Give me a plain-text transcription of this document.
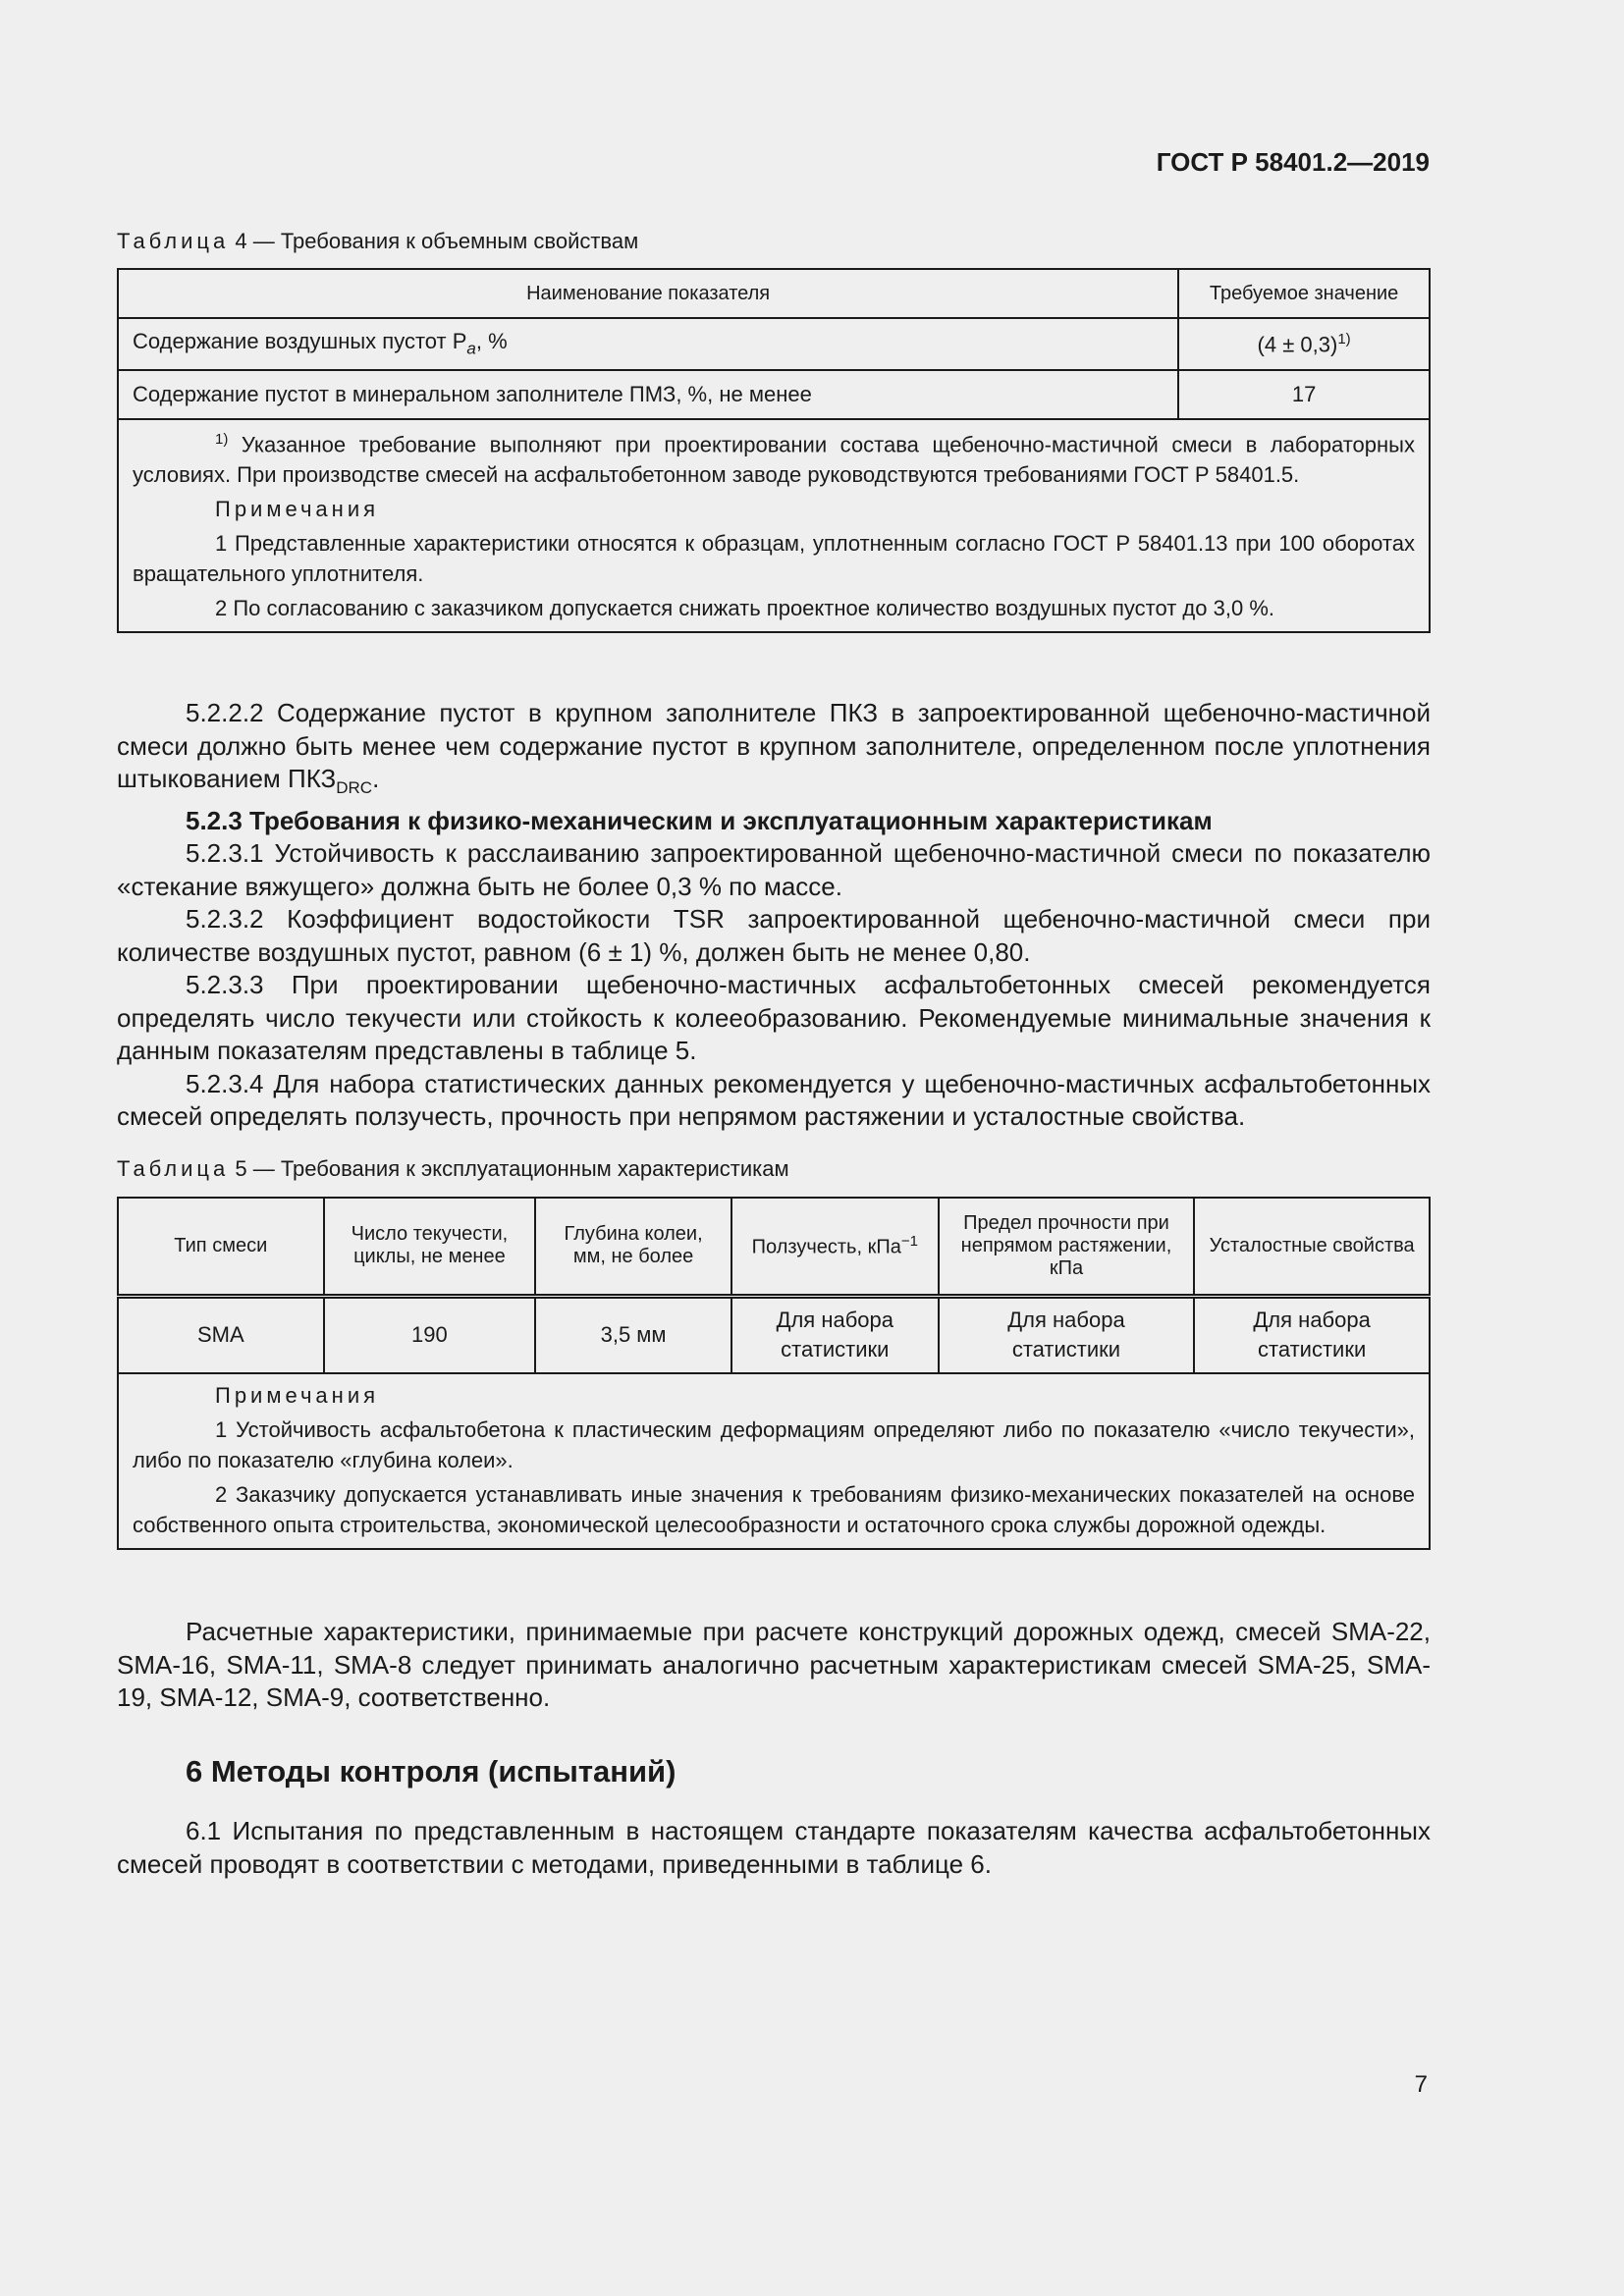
ГОСТ Р 58401.2—2019
Таблица 4 — Требования к объемным свойствам
Наименование показателя	Требуемое значение
Содержание воздушных пустот $P_a$, %	$(4 \pm 0,3)^{1)}$
Содержание пустот в минеральном заполнителе ПМЗ, %, не менее	17

$^{1)}$ Указанное требование выполняют при проектировании состава щебеночно-мастичной смеси в лабораторных условиях. При производстве смесей на асфальтобетонном заводе руководствуются требованиями ГОСТ Р 58401.5.

Примечания

1 Представленные характеристики относятся к образцам, уплотненным согласно ГОСТ Р 58401.13 при 100 оборотах вращательного уплотнителя.

2 По согласованию с заказчиком допускается снижать проектное количество воздушных пустот до 3,0 %.	

5.2.2.2 Содержание пустот в крупном заполнителе ПКЗ в запроектированной щебеночно-мастичной смеси должно быть менее чем содержание пустот в крупном заполнителе, определенном после уплотнения штыкованием $ПКЗ_{DRC}$.

5.2.3 Требования к физико-механическим и эксплуатационным характеристикам

5.2.3.1 Устойчивость к расслаиванию запроектированной щебеночно-мастичной смеси по показателю «стекание вяжущего» должна быть не более 0,3 % по массе.

5.2.3.2 Коэффициент водостойкости TSR запроектированной щебеночно-мастичной смеси при количестве воздушных пустот, равном (6 ± 1) %, должен быть не менее 0,80.

5.2.3.3 При проектировании щебеночно-мастичных асфальтобетонных смесей рекомендуется определять число текучести или стойкость к колееобразованию. Рекомендуемые минимальные значения к данным показателям представлены в таблице 5.

5.2.3.4 Для набора статистических данных рекомендуется у щебеночно-мастичных асфальтобетонных смесей определять ползучесть, прочность при непрямом растяжении и усталостные свойства.

Таблица 5 — Требования к эксплуатационным характеристикам
Тип смеси	Число текучести, циклы, не менее	Глубина колеи, мм, не более	Ползучесть, кПа$^{-1}$	Предел прочности при непрямом растяжении, кПа	Усталостные свойства
SMA	190	3,5 мм	Для набора статистики	Для набора статистики	Для набора статистики

Примечания

1 Устойчивость асфальтобетона к пластическим деформациям определяют либо по показателю «число текучести», либо по показателю «глубина колеи».

2 Заказчику допускается устанавливать иные значения к требованиям физико-механических показателей на основе собственного опыта строительства, экономической целесообразности и остаточного срока службы дорожной одежды.					

Расчетные характеристики, принимаемые при расчете конструкций дорожных одежд, смесей SMA-22, SMA-16, SMA-11, SMA-8 следует принимать аналогично расчетным характеристикам смесей SMA-25, SMA-19, SMA-12, SMA-9, соответственно.

6 Методы контроля (испытаний)

6.1 Испытания по представленным в настоящем стандарте показателям качества асфальтобетонных смесей проводят в соответствии с методами, приведенными в таблице 6.

7
